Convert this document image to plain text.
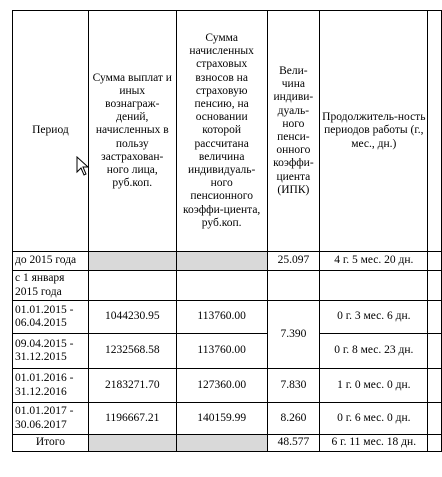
Период	Сумма выплат и иных вознаграж-дений, начисленных в пользу застрахован-ного лица, руб.коп.	Сумма начисленных страховых взносов на страховую пенсию, на основании которой рассчитана величина индивидуаль-ного пенсионного коэффи-циента, руб.коп.	Вели-чина индиви-дуаль-ного пенси-онного коэффи-циента (ИПК)	Продолжитель-ность периодов работы (г., мес., дн.)	
до 2015 года			25.097	4 г. 5 мес. 20 дн.	
с 1 января 2015 года					
01.01.2015 - 06.04.2015	1044230.95	113760.00	7.390	0 г. 3 мес. 6 дн.	
09.04.2015 - 31.12.2015	1232568.58	113760.00		0 г. 8 мес. 23 дн.	
01.01.2016 - 31.12.2016	2183271.70	127360.00	7.830	1 г. 0 мес. 0 дн.	
01.01.2017 - 30.06.2017	1196667.21	140159.99	8.260	0 г. 6 мес. 0 дн.	
Итого			48.577	6 г. 11 мес. 18 дн.	
